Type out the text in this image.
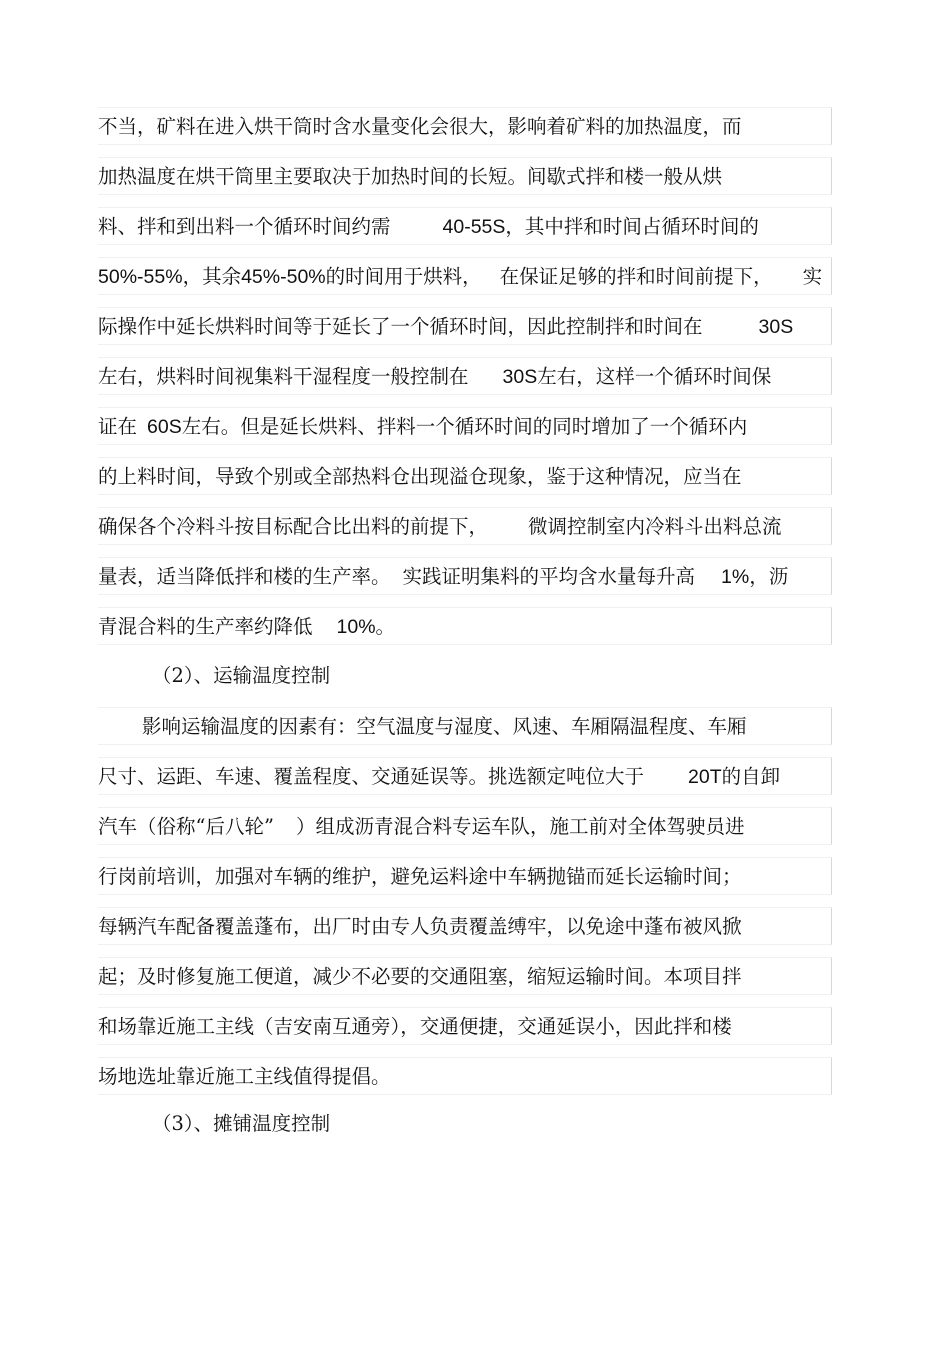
不当，矿料在进入烘干筒时含水量变化会很大，影响着矿料的加热温度，而
加热温度在烘干筒里主要取决于加热时间的长短。间歇式拌和楼一般从烘
料、拌和到出料一个循环时间约需	40-55S，其中拌和时间占循环时间的
50%-55%，其余45%-50%的时间用于烘料， 在保证足够的拌和时间前提下， 实
际操作中延长烘料时间等于延长了一个循环时间，因此控制拌和时间在	30S
左右，烘料时间视集料干湿程度一般控制在 30S左右，这样一个循环时间保
证在 60S左右。但是延长烘料、拌料一个循环时间的同时增加了一个循环内
的上料时间，导致个别或全部热料仓出现溢仓现象，鉴于这种情况，应当在
确保各个冷料斗按目标配合比出料的前提下， 微调控制室内冷料斗出料总流
量表，适当降低拌和楼的生产率。 实践证明集料的平均含水量每升高 1%，沥
青混合料的生产率约降低 10%。
（2）、运输温度控制
影响运输温度的因素有：空气温度与湿度、风速、车厢隔温程度、车厢
尺寸、运距、车速、覆盖程度、交通延误等。挑选额定吨位大于 20T的自卸
汽车（俗称“后八轮” ）组成沥青混合料专运车队，施工前对全体驾驶员进
行岗前培训，加强对车辆的维护，避免运料途中车辆抛锚而延长运输时间；
每辆汽车配备覆盖蓬布，出厂时由专人负责覆盖缚牢，以免途中蓬布被风掀
起；及时修复施工便道，减少不必要的交通阻塞，缩短运输时间。本项目拌
和场靠近施工主线（吉安南互通旁），交通便捷，交通延误小，因此拌和楼
场地选址靠近施工主线值得提倡。
（3）、摊铺温度控制
